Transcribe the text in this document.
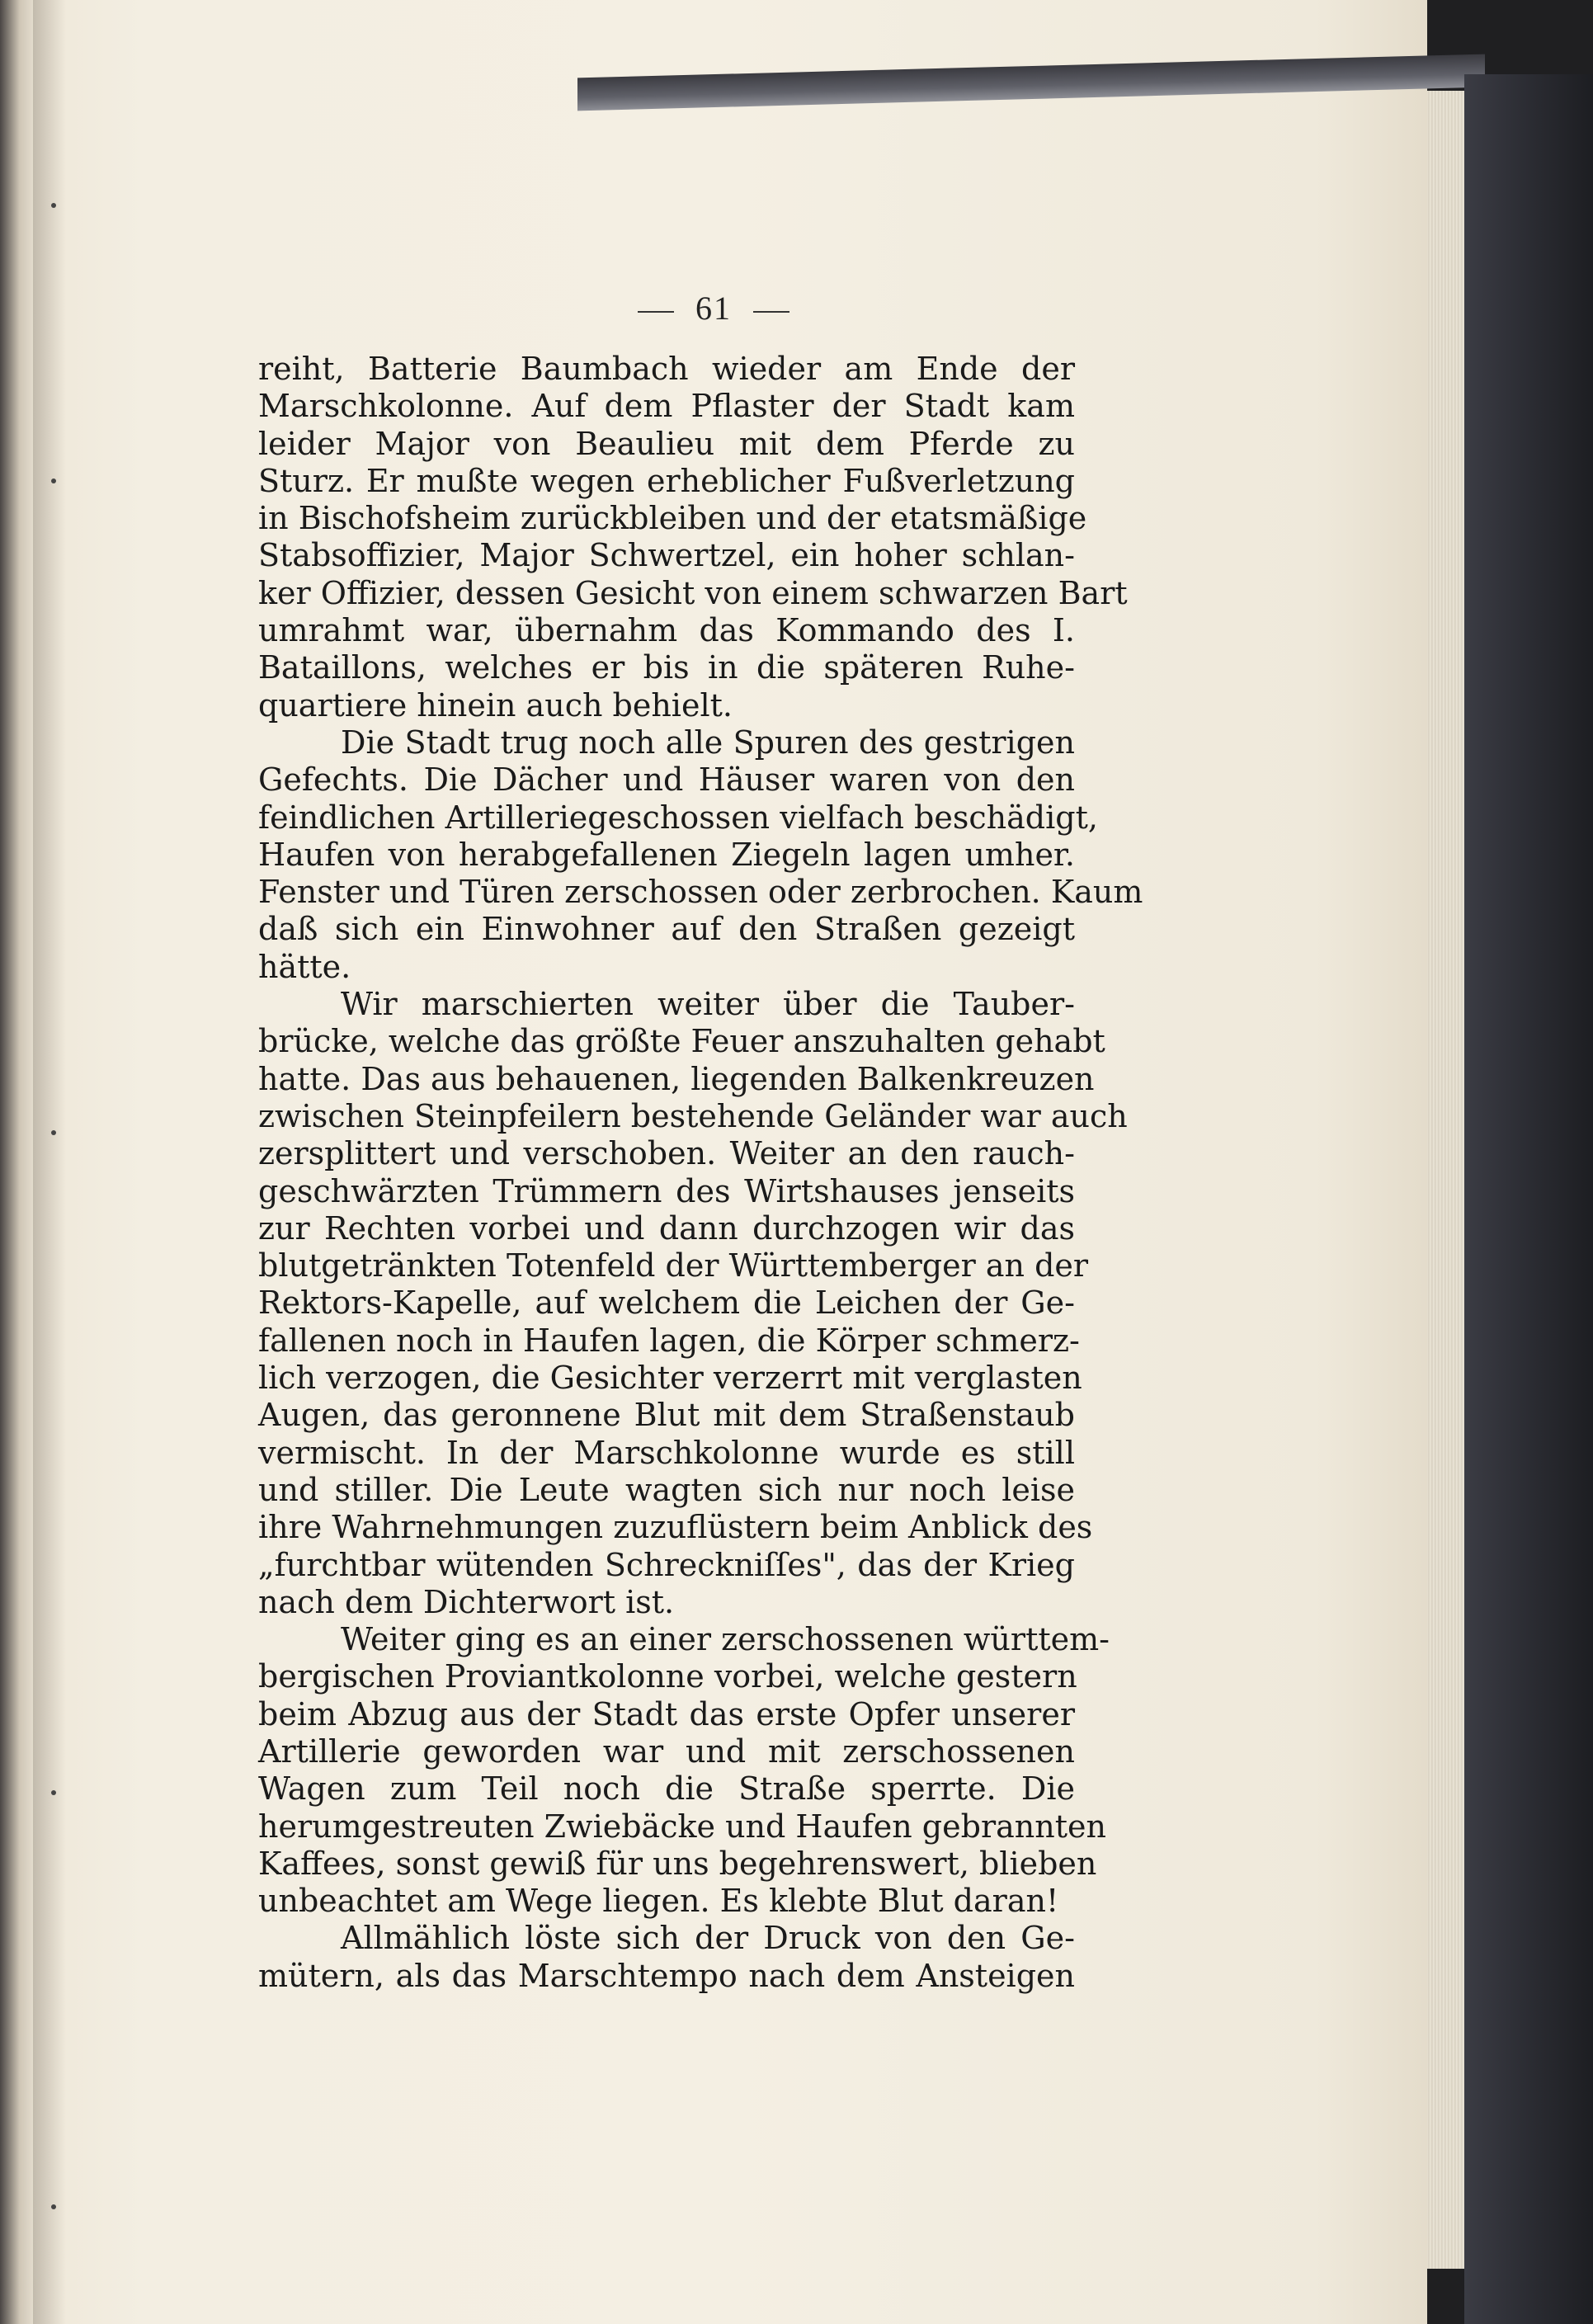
61
reiht, Batterie Baumbach wieder am Ende der
Marschkolonne. Auf dem Pflaster der Stadt kam
leider Major von Beaulieu mit dem Pferde zu
Sturz. Er mußte wegen erheblicher Fußverletzung
in Bischofsheim zurückbleiben und der etatsmäßige
Stabsoffizier, Major Schwertzel, ein hoher schlan-
ker Offizier, dessen Gesicht von einem schwarzen Bart
umrahmt war, übernahm das Kommando des I.
Bataillons, welches er bis in die späteren Ruhe-
quartiere hinein auch behielt.
Die Stadt trug noch alle Spuren des gestrigen
Gefechts. Die Dächer und Häuser waren von den
feindlichen Artilleriegeschossen vielfach beschädigt,
Haufen von herabgefallenen Ziegeln lagen umher.
Fenster und Türen zerschossen oder zerbrochen. Kaum
daß sich ein Einwohner auf den Straßen gezeigt
hätte.
Wir marschierten weiter über die Tauber-
brücke, welche das größte Feuer anszuhalten gehabt
hatte. Das aus behauenen, liegenden Balkenkreuzen
zwischen Steinpfeilern bestehende Geländer war auch
zersplittert und verschoben. Weiter an den rauch-
geschwärzten Trümmern des Wirtshauses jenseits
zur Rechten vorbei und dann durchzogen wir das
blutgetränkten Totenfeld der Württemberger an der
Rektors-Kapelle, auf welchem die Leichen der Ge-
fallenen noch in Haufen lagen, die Körper schmerz-
lich verzogen, die Gesichter verzerrt mit verglasten
Augen, das geronnene Blut mit dem Straßenstaub
vermischt. In der Marschkolonne wurde es still
und stiller. Die Leute wagten sich nur noch leise
ihre Wahrnehmungen zuzuflüstern beim Anblick des
„furchtbar wütenden Schreckniſſes", das der Krieg
nach dem Dichterwort ist.
Weiter ging es an einer zerschossenen württem-
bergischen Proviantkolonne vorbei, welche gestern
beim Abzug aus der Stadt das erste Opfer unserer
Artillerie geworden war und mit zerschossenen
Wagen zum Teil noch die Straße sperrte. Die
herumgestreuten Zwiebäcke und Haufen gebrannten
Kaffees, sonst gewiß für uns begehrenswert, blieben
unbeachtet am Wege liegen. Es klebte Blut daran!
Allmählich löste sich der Druck von den Ge-
mütern, als das Marschtempo nach dem Ansteigen
